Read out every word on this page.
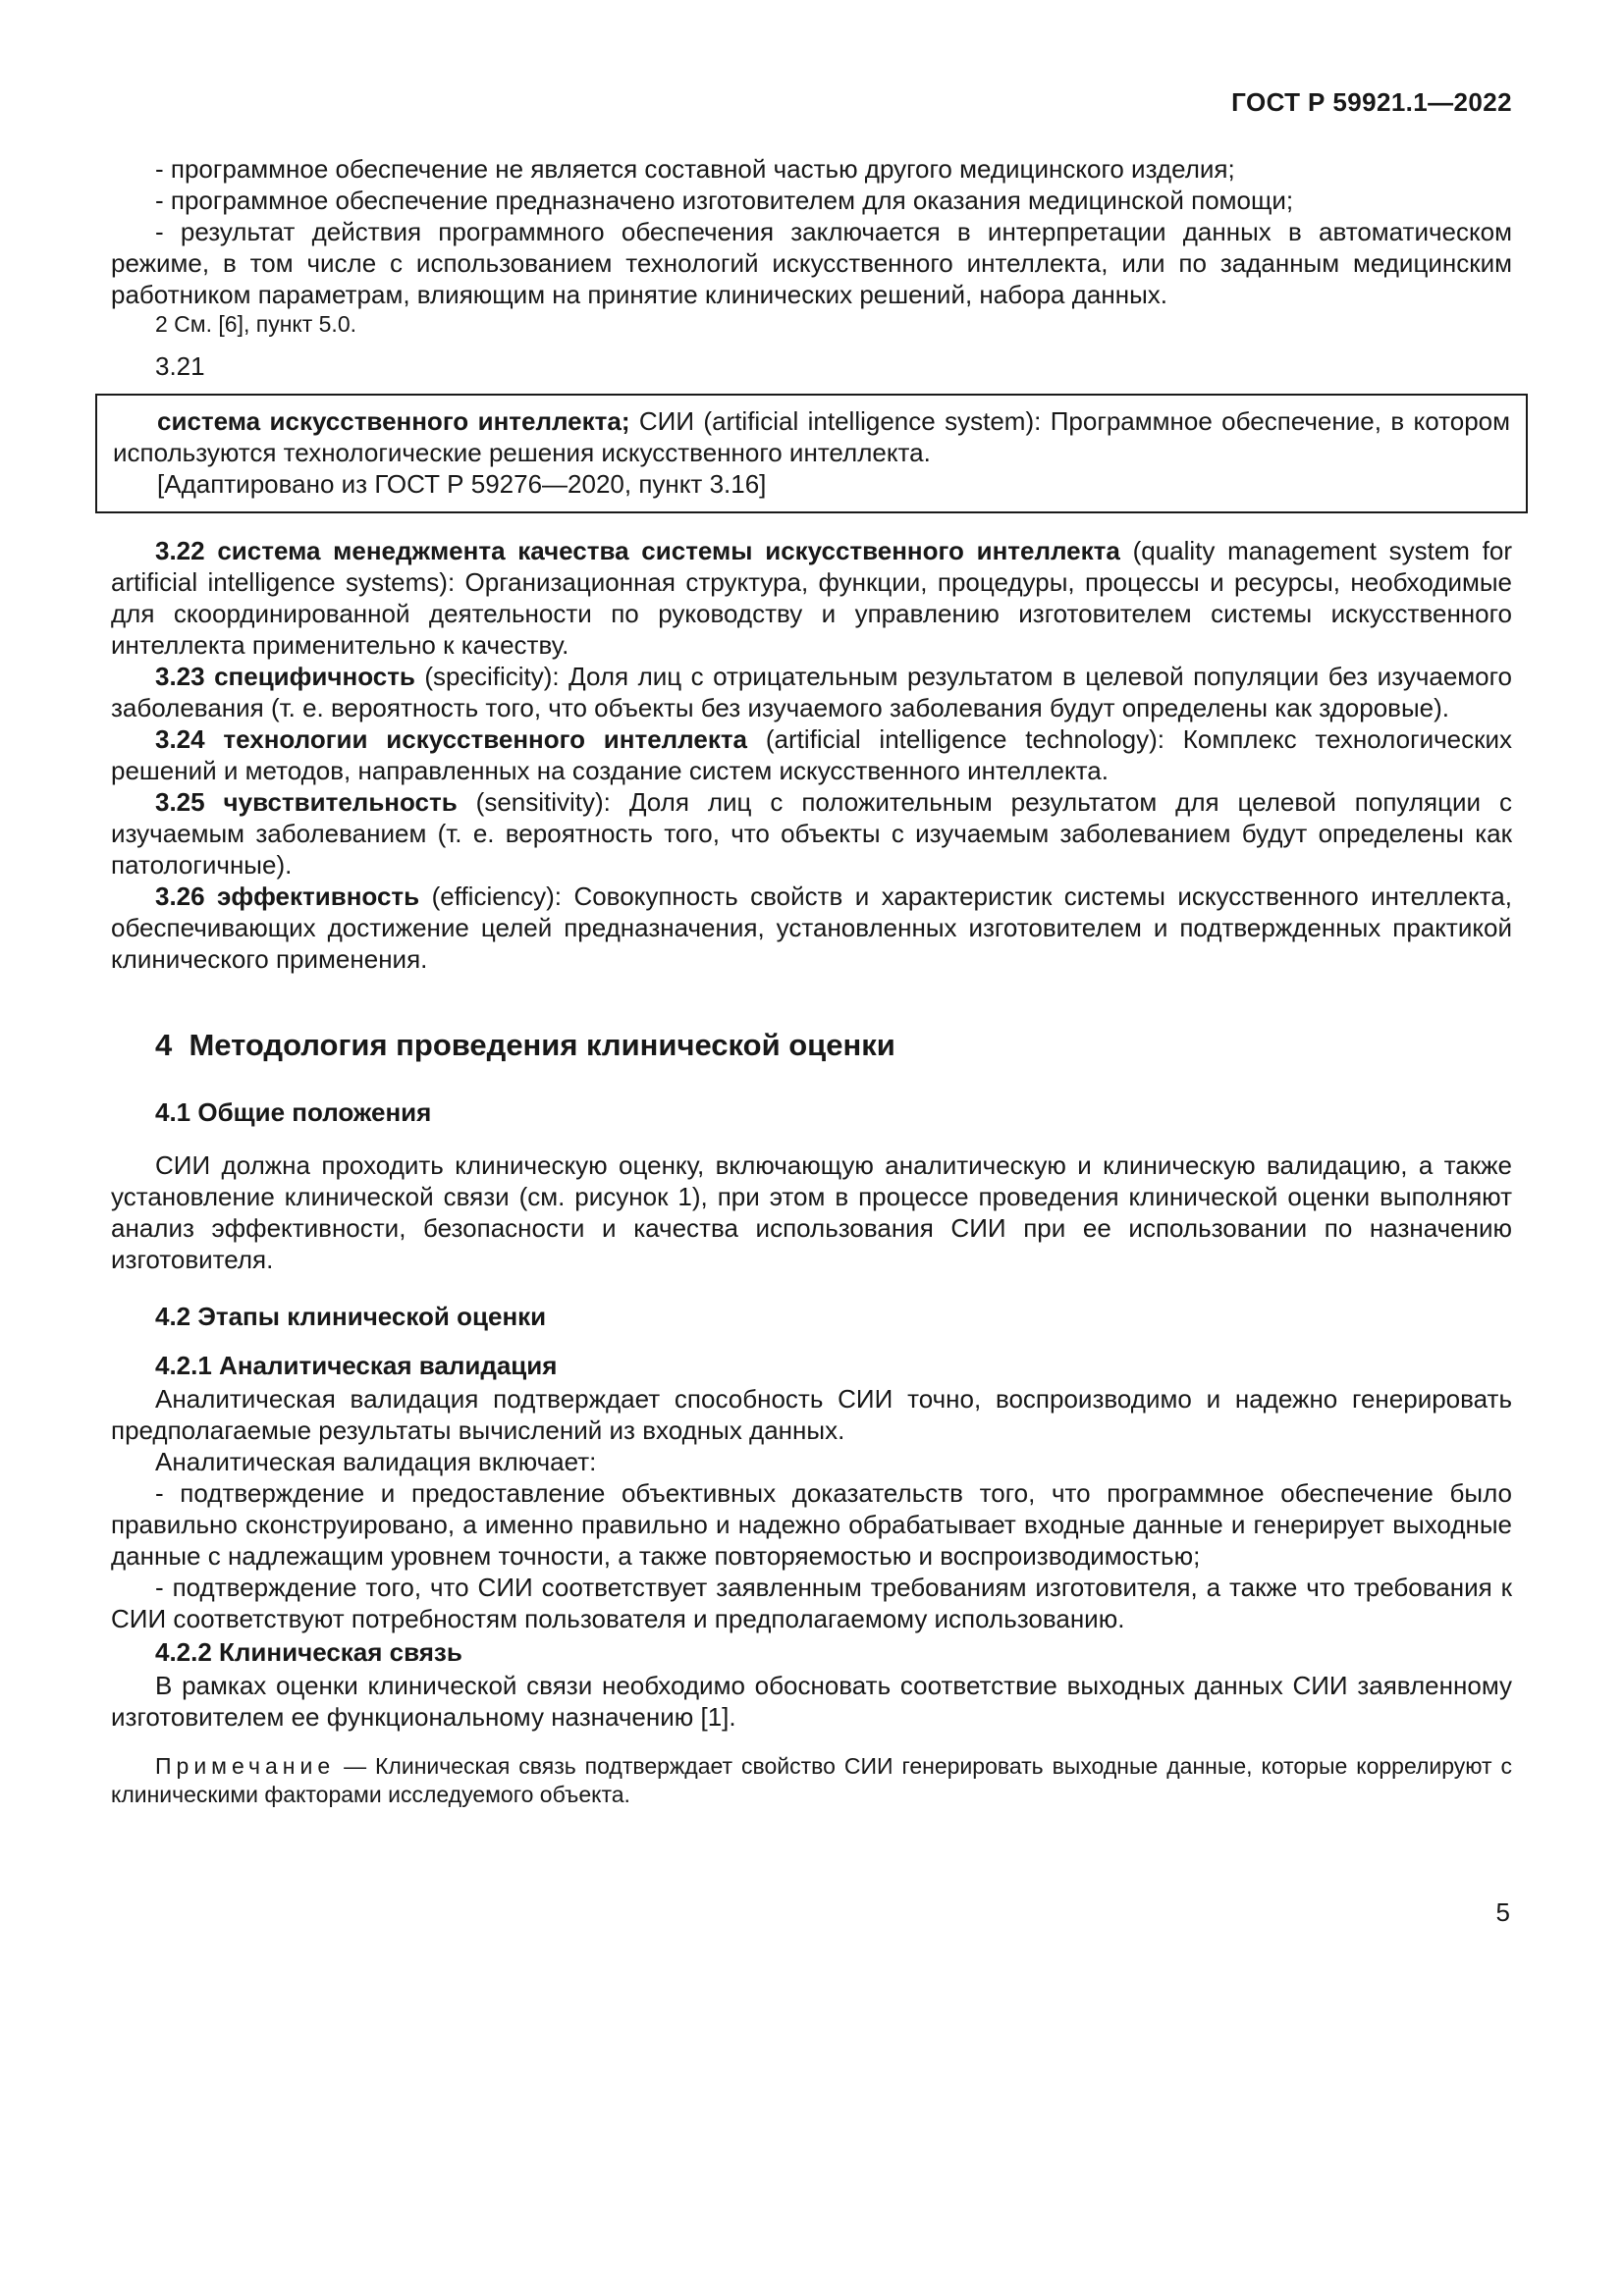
ГОСТ Р 59921.1—2022

- программное обеспечение не является составной частью другого медицинского изделия;

- программное обеспечение предназначено изготовителем для оказания медицинской помощи;

- результат действия программного обеспечения заключается в интерпретации данных в автоматическом режиме, в том числе с использованием технологий искусственного интеллекта, или по заданным медицинским работником параметрам, влияющим на принятие клинических решений, набора данных.

2 См. [6], пункт 5.0.

3.21

система искусственного интеллекта; СИИ (artificial intelligence system): Программное обеспечение, в котором используются технологические решения искусственного интеллекта.

[Адаптировано из ГОСТ Р 59276—2020, пункт 3.16]

3.22 система менеджмента качества системы искусственного интеллекта (quality management system for artificial intelligence systems): Организационная структура, функции, процедуры, процессы и ресурсы, необходимые для скоординированной деятельности по руководству и управлению изготовителем системы искусственного интеллекта применительно к качеству.

3.23 специфичность (specificity): Доля лиц с отрицательным результатом в целевой популяции без изучаемого заболевания (т. е. вероятность того, что объекты без изучаемого заболевания будут определены как здоровые).

3.24 технологии искусственного интеллекта (artificial intelligence technology): Комплекс технологических решений и методов, направленных на создание систем искусственного интеллекта.

3.25 чувствительность (sensitivity): Доля лиц с положительным результатом для целевой популяции с изучаемым заболеванием (т. е. вероятность того, что объекты с изучаемым заболеванием будут определены как патологичные).

3.26 эффективность (efficiency): Совокупность свойств и характеристик системы искусственного интеллекта, обеспечивающих достижение целей предназначения, установленных изготовителем и подтвержденных практикой клинического применения.

4  Методология проведения клинической оценки
4.1 Общие положения

СИИ должна проходить клиническую оценку, включающую аналитическую и клиническую валидацию, а также установление клинической связи (см. рисунок 1), при этом в процессе проведения клинической оценки выполняют анализ эффективности, безопасности и качества использования СИИ при ее использовании по назначению изготовителя.

4.2 Этапы клинической оценки
4.2.1 Аналитическая валидация

Аналитическая валидация подтверждает способность СИИ точно, воспроизводимо и надежно генерировать предполагаемые результаты вычислений из входных данных.

Аналитическая валидация включает:

- подтверждение и предоставление объективных доказательств того, что программное обеспечение было правильно сконструировано, а именно правильно и надежно обрабатывает входные данные и генерирует выходные данные с надлежащим уровнем точности, а также повторяемостью и воспроизводимостью;

- подтверждение того, что СИИ соответствует заявленным требованиям изготовителя, а также что требования к СИИ соответствуют потребностям пользователя и предполагаемому использованию.

4.2.2 Клиническая связь

В рамках оценки клинической связи необходимо обосновать соответствие выходных данных СИИ заявленному изготовителем ее функциональному назначению [1].

Примечание — Клиническая связь подтверждает свойство СИИ генерировать выходные данные, которые коррелируют с клиническими факторами исследуемого объекта.

5
